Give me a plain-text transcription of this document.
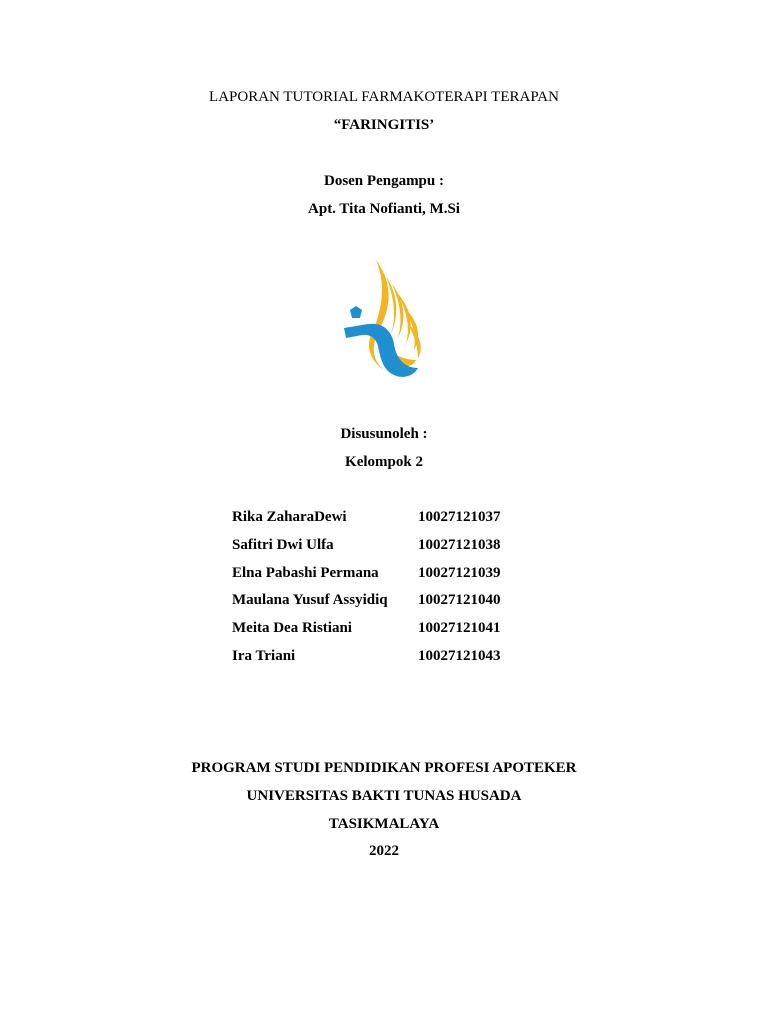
LAPORAN TUTORIAL FARMAKOTERAPI TERAPAN
“FARINGITIS’
Dosen Pengampu :
Apt. Tita Nofianti, M.Si
Disusunoleh :
Kelompok 2
Rika ZaharaDewi	10027121037
Safitri Dwi Ulfa	10027121038
Elna Pabashi Permana	10027121039
Maulana Yusuf Assyidiq 10027121040
Meita Dea Ristiani	10027121041
Ira Triani	10027121043
PROGRAM STUDI PENDIDIKAN PROFESI APOTEKER
UNIVERSITAS BAKTI TUNAS HUSADA
TASIKMALAYA
2022
